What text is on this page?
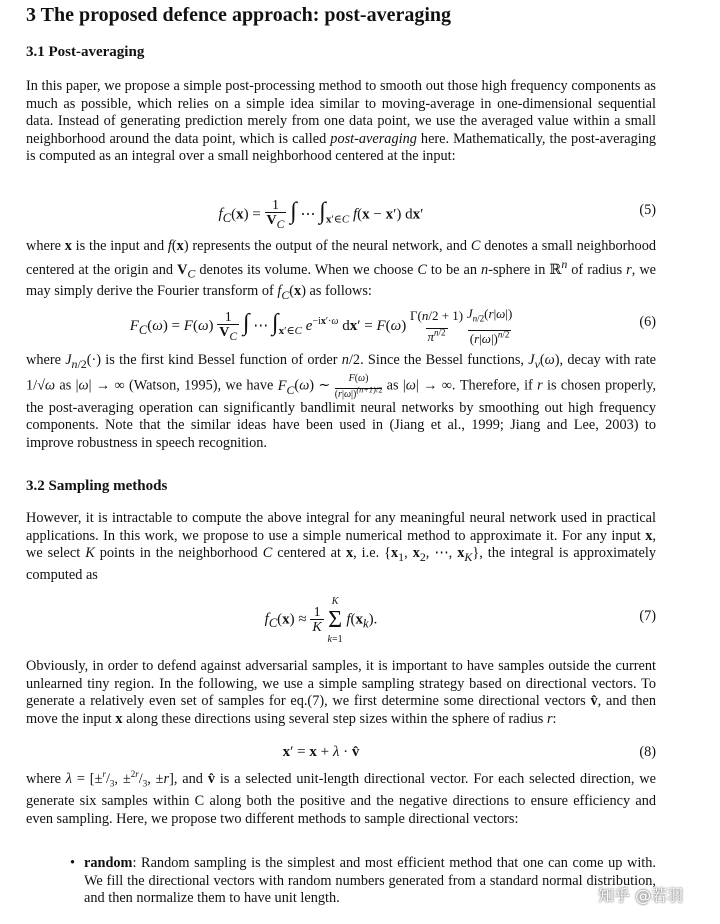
3 The proposed defence approach: post-averaging
3.1 Post-averaging
In this paper, we propose a simple post-processing method to smooth out those high frequency components as much as possible, which relies on a simple idea similar to moving-average in one-dimensional sequential data. Instead of generating prediction merely from one data point, we use the averaged value within a small neighborhood around the data point, which is called post-averaging here. Mathematically, the post-averaging is computed as an integral over a small neighborhood centered at the input:
$f_C(x) = 1$
$V_C$ ∫ ⋯ $\int_{x'\in C}$ f(x − x′) dx′	(5)
where x is the input and f(x) represents the output of the neural network, and C denotes a small neighborhood centered at the origin and $V_C$ denotes its volume. When we choose C to be an n-sphere in ℝ$^n$ of radius r, we may simply derive the Fourier transform of $f_C(x)$ as follows:
$F_C(\omega) = F(\omega)$ 1
$V_C$ ∫ ⋯ $\int_{x'\in C}$ $e^{-ix'\cdot\omega}$ dx′ = F(ω) Γ(n/2 + 1)
$\pi^{n/2}$ $J_{n/2}(r|\omega|)$
$(r|\omega|)^{n/2}$
(6)
where $J_{n/2}(\cdot)$ is the first kind Bessel function of order n/2. Since the Bessel functions, $J_\nu(\omega)$, decay with rate 1/√ω as |ω| → ∞ (Watson, 1995), we have $F_C(\omega)$ ∼ F(ω)
$(r|\omega|)^{(n+1)/2}$ as |ω| → ∞. Therefore, if r is chosen properly, the post-averaging operation can significantly bandlimit neural networks by smoothing out high frequency components. Note that the similar ideas have been used in (Jiang et al., 1999; Jiang and Lee, 2003) to improve robustness in speech recognition.
3.2 Sampling methods
However, it is intractable to compute the above integral for any meaningful neural network used in practical applications. In this work, we propose to use a simple numerical method to approximate it. For any input x, we select K points in the neighborhood C centered at x, i.e. {$x_1$, $x_2$, ⋯, $x_K$}, the integral is approximately computed as
$f_C(x) \approx 1$
K K
Σ
k=1 $f(x_k)$.	(7)
Obviously, in order to defend against adversarial samples, it is important to have samples outside the current unlearned tiny region. In the following, we use a simple sampling strategy based on directional vectors. To generate a relatively even set of samples for eq.(7), we first determine some directional vectors v̂, and then move the input x along these directions using several step sizes within the sphere of radius r:
x′ = x + λ · v̂	(8)
where $\lambda = [\pm^r/_3$, $\pm^{2r}/_3$, ±r], and v̂ is a selected unit-length directional vector. For each selected direction, we generate six samples within C along both the positive and the negative directions to ensure efficiency and even sampling. Here, we propose two different methods to sample directional vectors:
• random: Random sampling is the simplest and most efficient method that one can come up with. We fill the directional vectors with random numbers generated from a standard normal distribution, and then normalize them to have unit length.	知乎 @若羽
